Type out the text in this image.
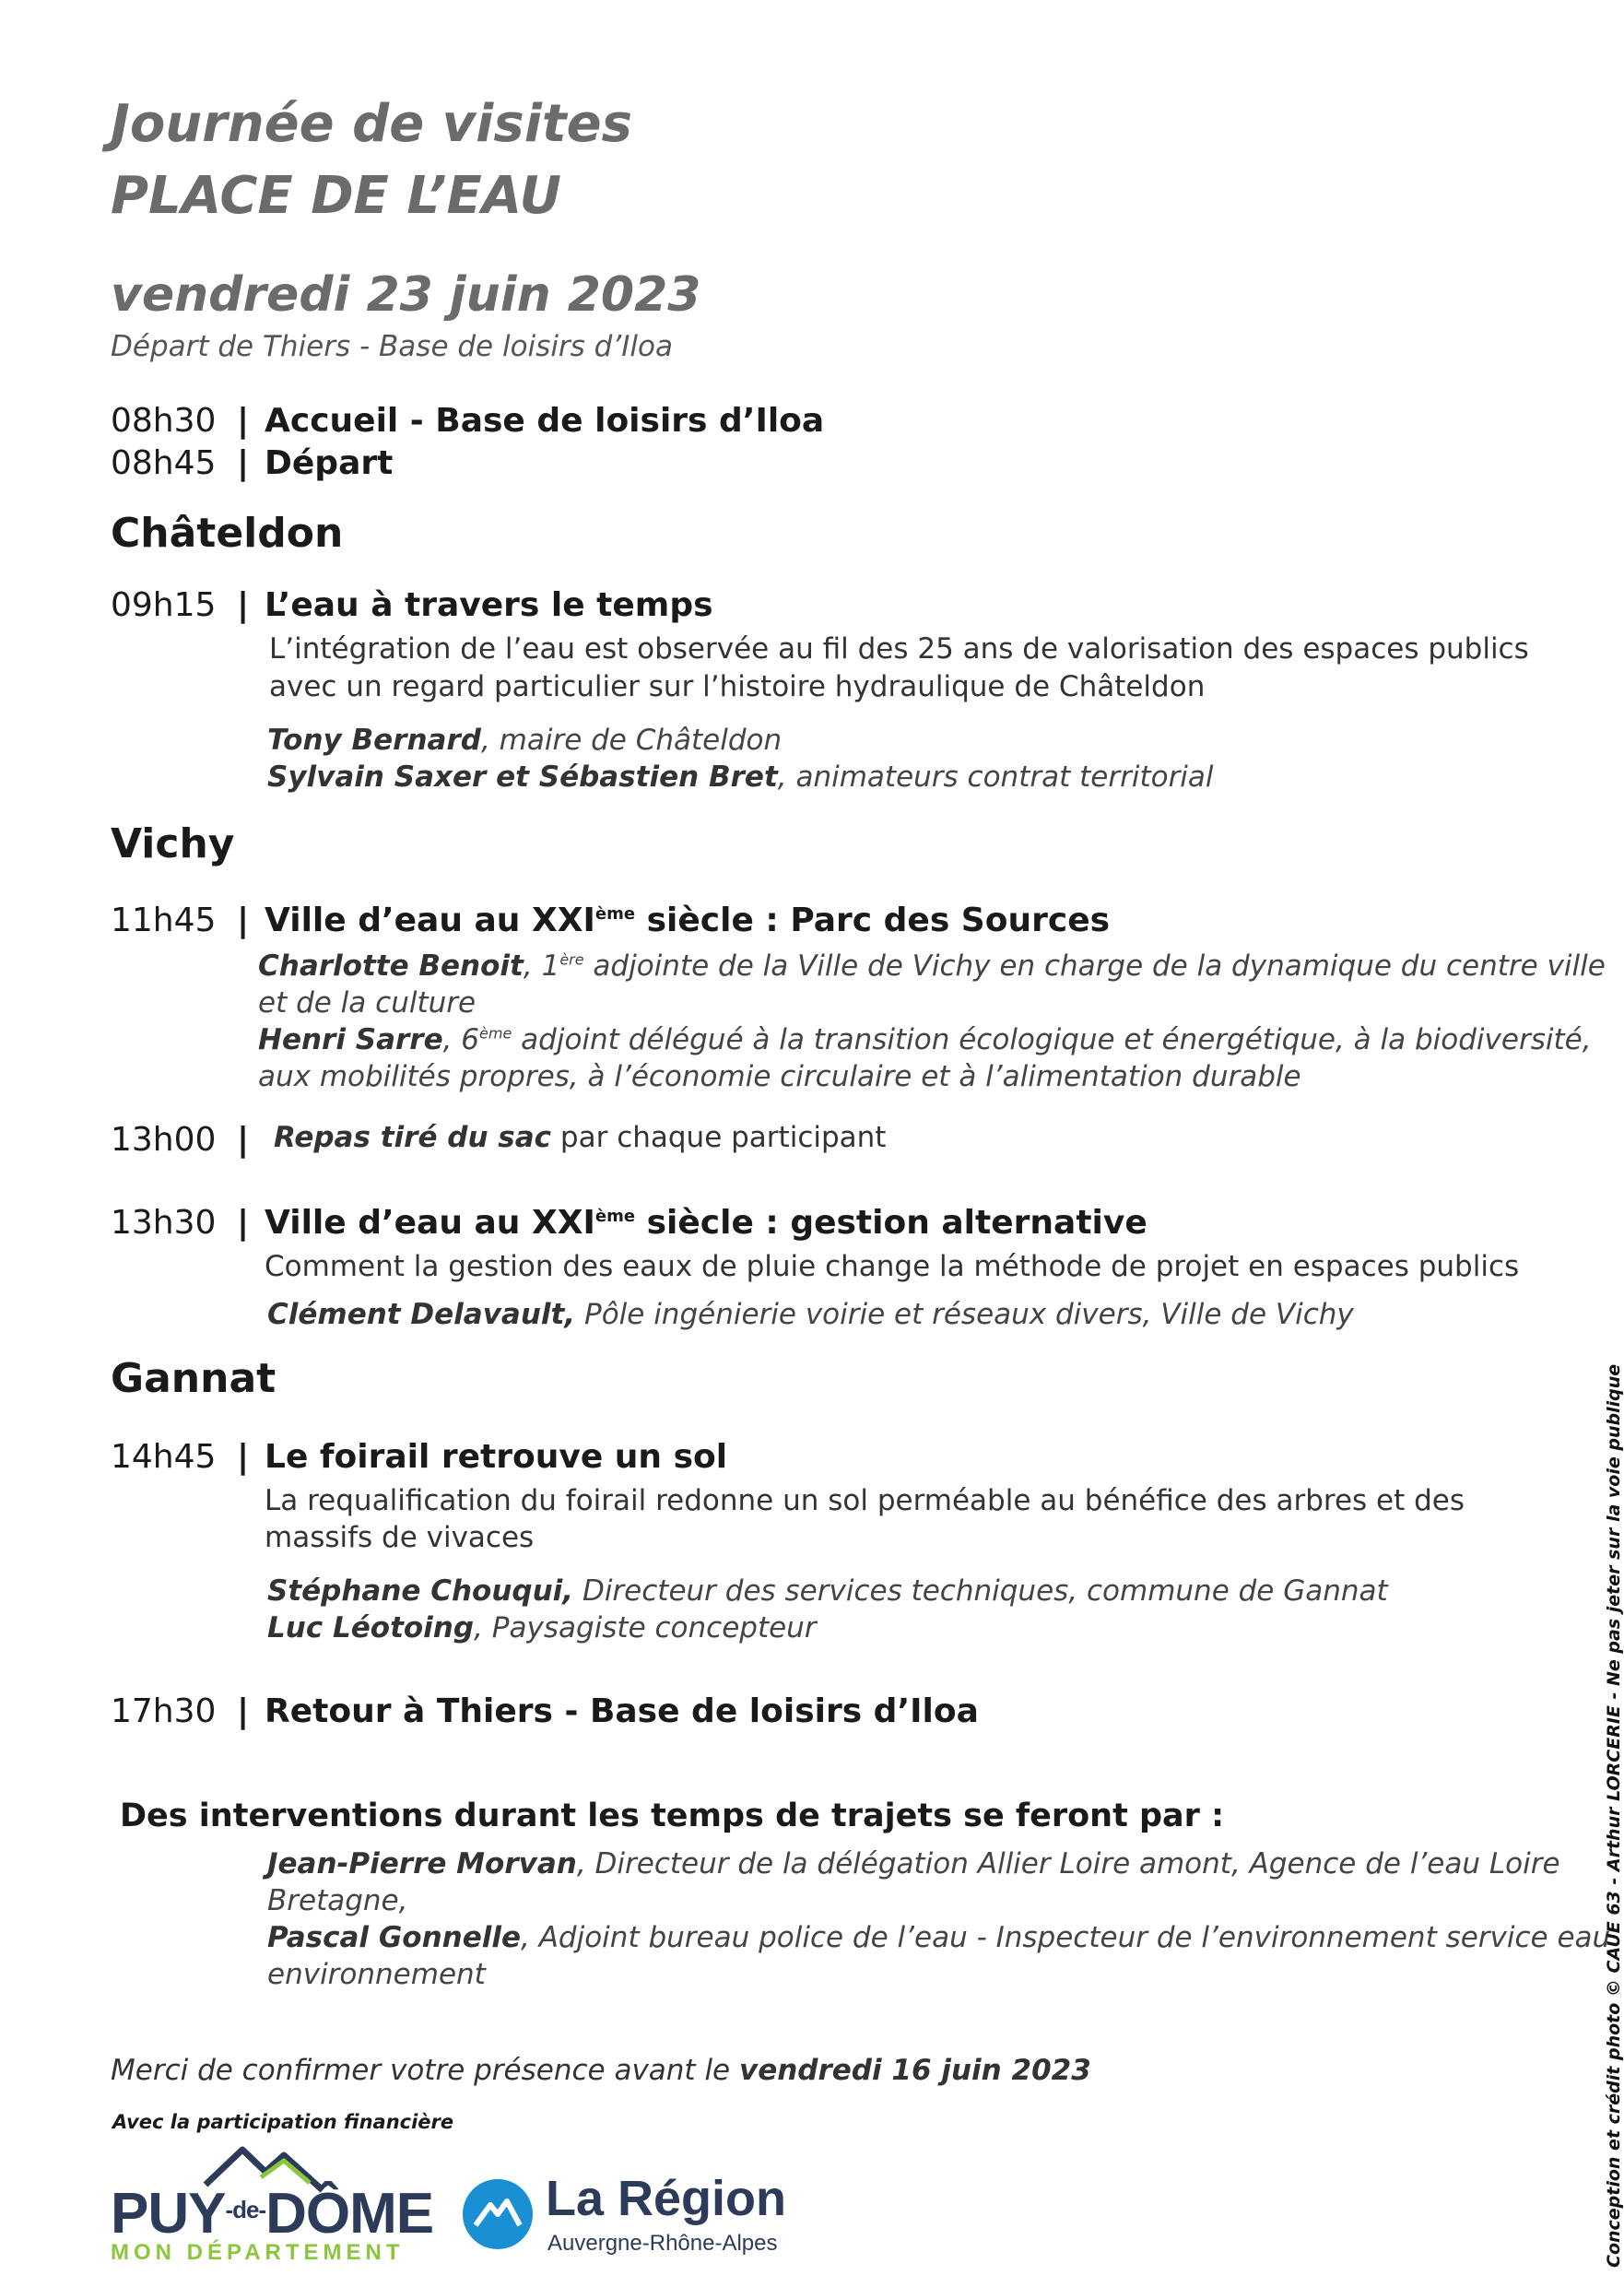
Journée de visites
PLACE DE L’EAU
vendredi 23 juin 2023
Départ de Thiers - Base de loisirs d’Iloa
08h30 | Accueil - Base de loisirs d’Iloa
08h45 | Départ
Châteldon
09h15 | L’eau à travers le temps
L’intégration de l’eau est observée au fil des 25 ans de valorisation des espaces publics
avec un regard particulier sur l’histoire hydraulique de Châteldon
Tony Bernard, maire de Châteldon
Sylvain Saxer et Sébastien Bret, animateurs contrat territorial
Vichy
11h45 | Ville d’eau au XXIème siècle : Parc des Sources
Charlotte Benoit, 1ère adjointe de la Ville de Vichy en charge de la dynamique du centre ville
et de la culture
Henri Sarre, 6ème adjoint délégué à la transition écologique et énergétique, à la biodiversité,
aux mobilités propres, à l’économie circulaire et à l’alimentation durable
13h00 | Repas tiré du sac par chaque participant
13h30 | Ville d’eau au XXIème siècle : gestion alternative
Comment la gestion des eaux de pluie change la méthode de projet en espaces publics
Clément Delavault, Pôle ingénierie voirie et réseaux divers, Ville de Vichy
Gannat
14h45 | Le foirail retrouve un sol
La requalification du foirail redonne un sol perméable au bénéfice des arbres et des
massifs de vivaces
Stéphane Chouqui, Directeur des services techniques, commune de Gannat
Luc Léotoing, Paysagiste concepteur
17h30 | Retour à Thiers - Base de loisirs d’Iloa
Des interventions durant les temps de trajets se feront par :
Jean-Pierre Morvan, Directeur de la délégation Allier Loire amont, Agence de l’eau Loire
Bretagne,
Pascal Gonnelle, Adjoint bureau police de l’eau - Inspecteur de l’environnement service eau
environnement
Merci de confirmer votre présence avant le vendredi 16 juin 2023
Avec la participation financière
$PUY^{-de-}DÔME$
MON DÉPARTEMENT
La Région
Auvergne-Rhône-Alpes	Conception et crédit photo © CAUE 63 - Arthur LORCERIE - Ne pas jeter sur la voie publique
